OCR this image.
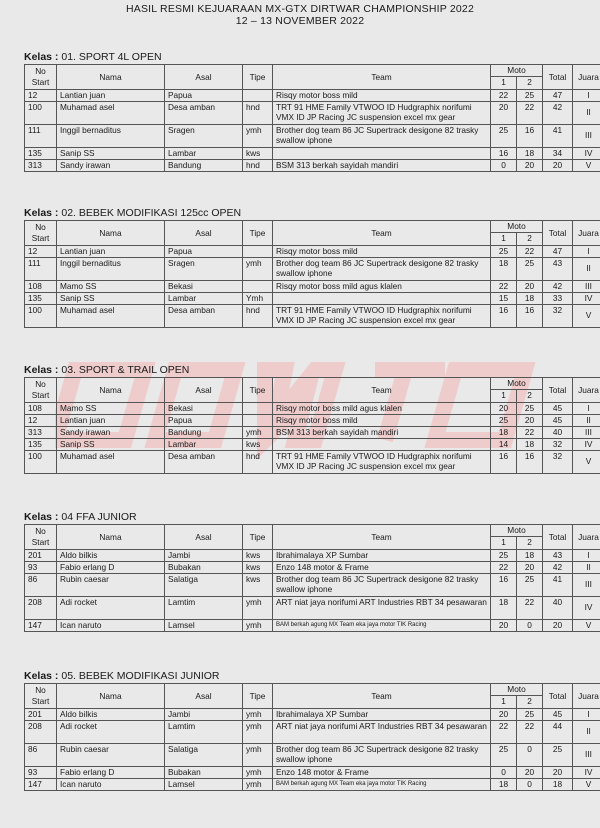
HASIL RESMI KEJUARAAN MX-GTX DIRTWAR CHAMPIONSHIP 2022
12 – 13 NOVEMBER 2022
Kelas : 01. SPORT 4L OPEN
No Start	Nama	Asal	Tipe	Team	Moto		Total	Juara
					1	2		
12	Lantian juan	Papua		Risqy motor boss mild	22	25	47	I
100	Muhamad asel	Desa amban	hnd	TRT 91 HME Family VTWOO ID Hudgraphix norifumi VMX ID JP Racing JC suspension excel mx gear	20	22	42	II
111	Inggil bernaditus	Sragen	ymh	Brother dog team 86 JC Supertrack desigone 82 trasky swallow iphone	25	16	41	III
135	Sanip SS	Lambar	kws		16	18	34	IV
313	Sandy irawan	Bandung	hnd	BSM 313 berkah sayidah mandiri	0	20	20	V
Kelas : 02. BEBEK MODIFIKASI 125cc OPEN
No Start	Nama	Asal	Tipe	Team	Moto		Total	Juara
					1	2		
12	Lantian juan	Papua		Risqy motor boss mild	25	22	47	I
111	Inggil bernaditus	Sragen	ymh	Brother dog team 86 JC Supertrack desigone 82 trasky swallow iphone	18	25	43	II
108	Mamo SS	Bekasi		Risqy motor boss mild agus klalen	22	20	42	III
135	Sanip SS	Lambar	Ymh		15	18	33	IV
100	Muhamad asel	Desa amban	hnd	TRT 91 HME Family VTWOO ID Hudgraphix norifumi VMX ID JP Racing JC suspension excel mx gear	16	16	32	V
Kelas : 03. SPORT & TRAIL OPEN
No Start	Nama	Asal	Tipe	Team	Moto		Total	Juara
					1	2		
108	Mamo SS	Bekasi		Risqy motor boss mild agus klalen	20	25	45	I
12	Lantian juan	Papua		Risqy motor boss mild	25	20	45	II
313	Sandy irawan	Bandung	ymh	BSM 313 berkah sayidah mandiri	18	22	40	III
135	Sanip SS	Lambar	kws		14	18	32	IV
100	Muhamad asel	Desa amban	hnd	TRT 91 HME Family VTWOO ID Hudgraphix norifumi VMX ID JP Racing JC suspension excel mx gear	16	16	32	V
Kelas : 04 FFA JUNIOR
No Start	Nama	Asal	Tipe	Team	Moto		Total	Juara
					1	2		
201	Aldo bilkis	Jambi	kws	Ibrahimalaya XP Sumbar	25	18	43	I
93	Fabio erlang D	Bubakan	kws	Enzo 148 motor & Frame	22	20	42	II
86	Rubin caesar	Salatiga	kws	Brother dog team 86 JC Supertrack desigone 82 trasky swallow iphone	16	25	41	III
208	Adi rocket	Lamtim	ymh	ART niat jaya norifumi ART Industries RBT 34 pesawaran	18	22	40	IV
147	Ican naruto	Lamsel	ymh	BAM berkah agung MX Team eka jaya motor TIK Racing	20	0	20	V
Kelas : 05. BEBEK MODIFIKASI JUNIOR
No Start	Nama	Asal	Tipe	Team	Moto		Total	Juara
					1	2		
201	Aldo bilkis	Jambi	ymh	Ibrahimalaya XP Sumbar	20	25	45	I
208	Adi rocket	Lamtim	ymh	ART niat jaya norifumi ART Industries RBT 34 pesawaran	22	22	44	II
86	Rubin caesar	Salatiga	ymh	Brother dog team 86 JC Supertrack desigone 82 trasky swallow iphone	25	0	25	III
93	Fabio erlang D	Bubakan	ymh	Enzo 148 motor & Frame	0	20	20	IV
147	Ican naruto	Lamsel	ymh	BAM berkah agung MX Team eka jaya motor TIK Racing	18	0	18	V
